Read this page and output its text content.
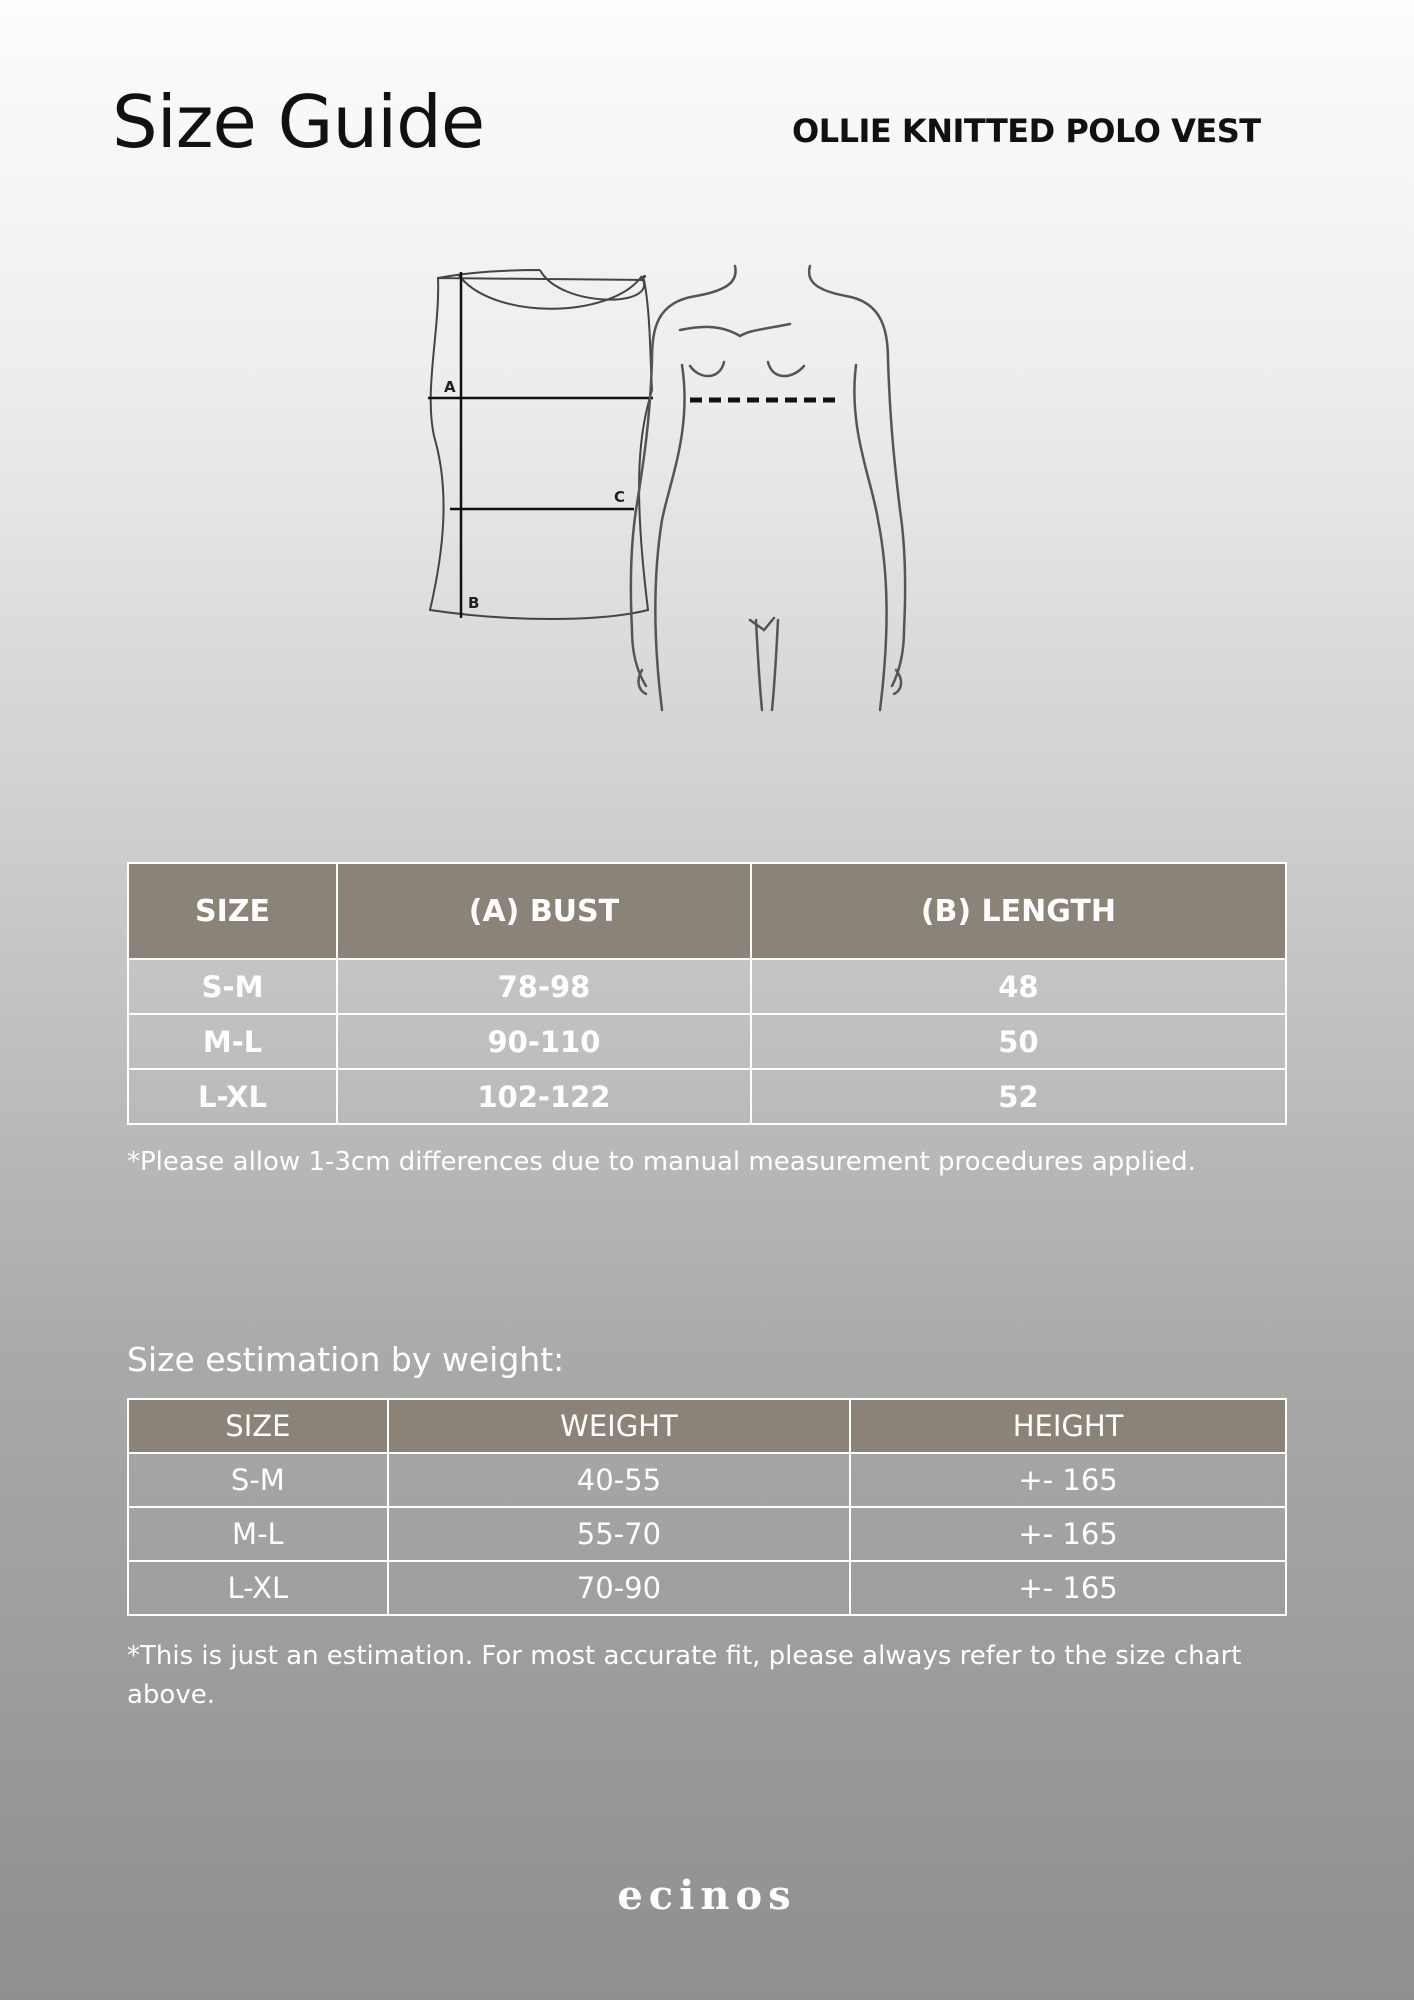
Size Guide	OLLIE KNITTED POLO VEST
A
C
B
SIZE	(A) BUST	(B) LENGTH
S-M	78-98	48
M-L	90-110	50
L-XL	102-122	52

*Please allow 1-3cm differences due to manual measurement procedures applied.

Size estimation by weight:

SIZE	WEIGHT	HEIGHT
S-M	40-55	+- 165
M-L	55-70	+- 165
L-XL	70-90	+- 165

*This is just an estimation. For most accurate fit, please always refer to the size chart above.

ecinos
